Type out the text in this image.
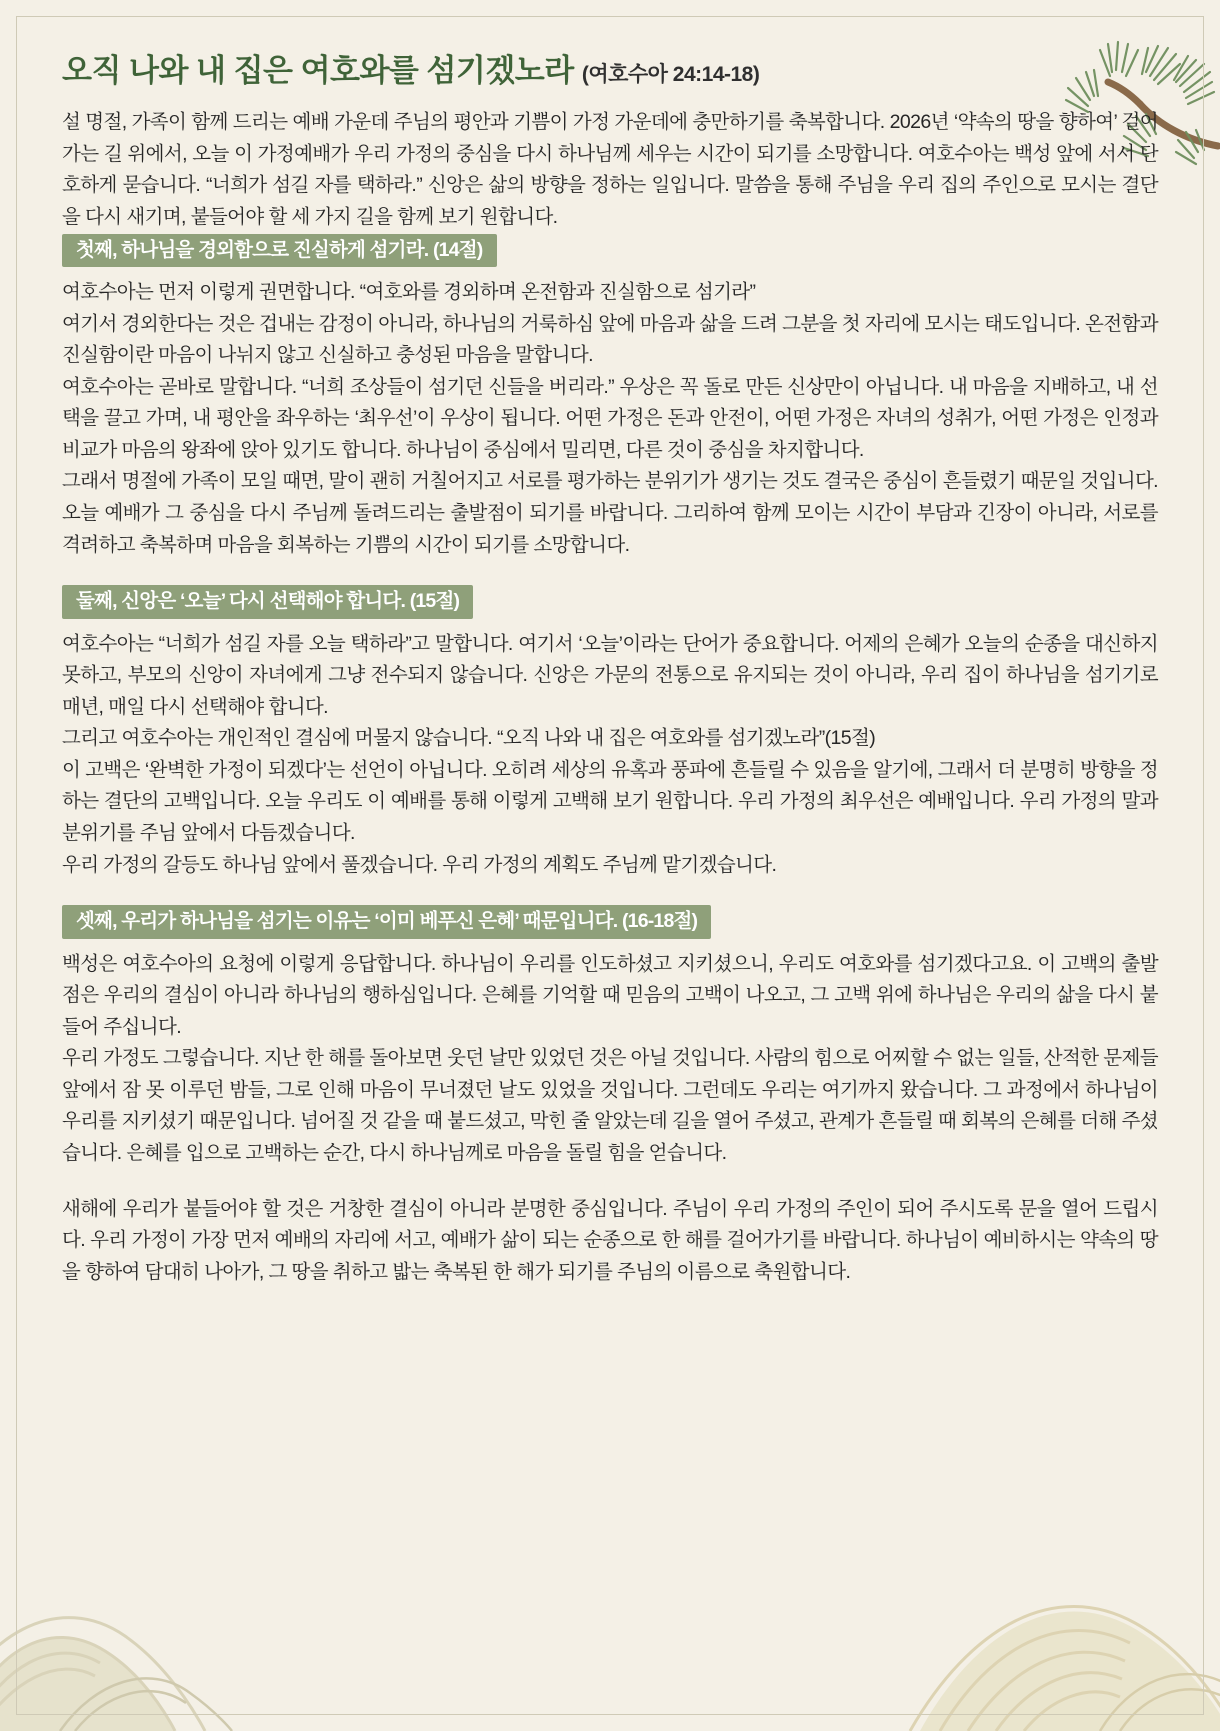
오직 나와 내 집은 여호와를 섬기겠노라 (여호수아 24:14-18)

설 명절, 가족이 함께 드리는 예배 가운데 주님의 평안과 기쁨이 가정 가운데에 충만하기를 축복합니다. 2026년 ‘약속의 땅을 향하여’ 걸어가는 길 위에서, 오늘 이 가정예배가 우리 가정의 중심을 다시 하나님께 세우는 시간이 되기를 소망합니다. 여호수아는 백성 앞에 서서 단호하게 묻습니다. “너희가 섬길 자를 택하라.” 신앙은 삶의 방향을 정하는 일입니다. 말씀을 통해 주님을 우리 집의 주인으로 모시는 결단을 다시 새기며, 붙들어야 할 세 가지 길을 함께 보기 원합니다.

첫째, 하나님을 경외함으로 진실하게 섬기라. (14절)

여호수아는 먼저 이렇게 권면합니다. “여호와를 경외하며 온전함과 진실함으로 섬기라”

여기서 경외한다는 것은 겁내는 감정이 아니라, 하나님의 거룩하심 앞에 마음과 삶을 드려 그분을 첫 자리에 모시는 태도입니다. 온전함과 진실함이란 마음이 나뉘지 않고 신실하고 충성된 마음을 말합니다.

여호수아는 곧바로 말합니다. “너희 조상들이 섬기던 신들을 버리라.” 우상은 꼭 돌로 만든 신상만이 아닙니다. 내 마음을 지배하고, 내 선택을 끌고 가며, 내 평안을 좌우하는 ‘최우선’이 우상이 됩니다. 어떤 가정은 돈과 안전이, 어떤 가정은 자녀의 성취가, 어떤 가정은 인정과 비교가 마음의 왕좌에 앉아 있기도 합니다. 하나님이 중심에서 밀리면, 다른 것이 중심을 차지합니다.

그래서 명절에 가족이 모일 때면, 말이 괜히 거칠어지고 서로를 평가하는 분위기가 생기는 것도 결국은 중심이 흔들렸기 때문일 것입니다. 오늘 예배가 그 중심을 다시 주님께 돌려드리는 출발점이 되기를 바랍니다. 그리하여 함께 모이는 시간이 부담과 긴장이 아니라, 서로를 격려하고 축복하며 마음을 회복하는 기쁨의 시간이 되기를 소망합니다.

둘째, 신앙은 ‘오늘’ 다시 선택해야 합니다. (15절)

여호수아는 “너희가 섬길 자를 오늘 택하라”고 말합니다. 여기서 ‘오늘’이라는 단어가 중요합니다. 어제의 은혜가 오늘의 순종을 대신하지 못하고, 부모의 신앙이 자녀에게 그냥 전수되지 않습니다. 신앙은 가문의 전통으로 유지되는 것이 아니라, 우리 집이 하나님을 섬기기로 매년, 매일 다시 선택해야 합니다.

그리고 여호수아는 개인적인 결심에 머물지 않습니다. “오직 나와 내 집은 여호와를 섬기겠노라”(15절)

이 고백은 ‘완벽한 가정이 되겠다’는 선언이 아닙니다. 오히려 세상의 유혹과 풍파에 흔들릴 수 있음을 알기에, 그래서 더 분명히 방향을 정하는 결단의 고백입니다. 오늘 우리도 이 예배를 통해 이렇게 고백해 보기 원합니다. 우리 가정의 최우선은 예배입니다. 우리 가정의 말과 분위기를 주님 앞에서 다듬겠습니다.

우리 가정의 갈등도 하나님 앞에서 풀겠습니다. 우리 가정의 계획도 주님께 맡기겠습니다.

셋째, 우리가 하나님을 섬기는 이유는 ‘이미 베푸신 은혜’ 때문입니다. (16-18절)

백성은 여호수아의 요청에 이렇게 응답합니다. 하나님이 우리를 인도하셨고 지키셨으니, 우리도 여호와를 섬기겠다고요. 이 고백의 출발점은 우리의 결심이 아니라 하나님의 행하심입니다. 은혜를 기억할 때 믿음의 고백이 나오고, 그 고백 위에 하나님은 우리의 삶을 다시 붙들어 주십니다.

우리 가정도 그렇습니다. 지난 한 해를 돌아보면 웃던 날만 있었던 것은 아닐 것입니다. 사람의 힘으로 어찌할 수 없는 일들, 산적한 문제들 앞에서 잠 못 이루던 밤들, 그로 인해 마음이 무너졌던 날도 있었을 것입니다. 그런데도 우리는 여기까지 왔습니다. 그 과정에서 하나님이 우리를 지키셨기 때문입니다. 넘어질 것 같을 때 붙드셨고, 막힌 줄 알았는데 길을 열어 주셨고, 관계가 흔들릴 때 회복의 은혜를 더해 주셨습니다. 은혜를 입으로 고백하는 순간, 다시 하나님께로 마음을 돌릴 힘을 얻습니다.

새해에 우리가 붙들어야 할 것은 거창한 결심이 아니라 분명한 중심입니다. 주님이 우리 가정의 주인이 되어 주시도록 문을 열어 드립시다. 우리 가정이 가장 먼저 예배의 자리에 서고, 예배가 삶이 되는 순종으로 한 해를 걸어가기를 바랍니다. 하나님이 예비하시는 약속의 땅을 향하여 담대히 나아가, 그 땅을 취하고 밟는 축복된 한 해가 되기를 주님의 이름으로 축원합니다.
